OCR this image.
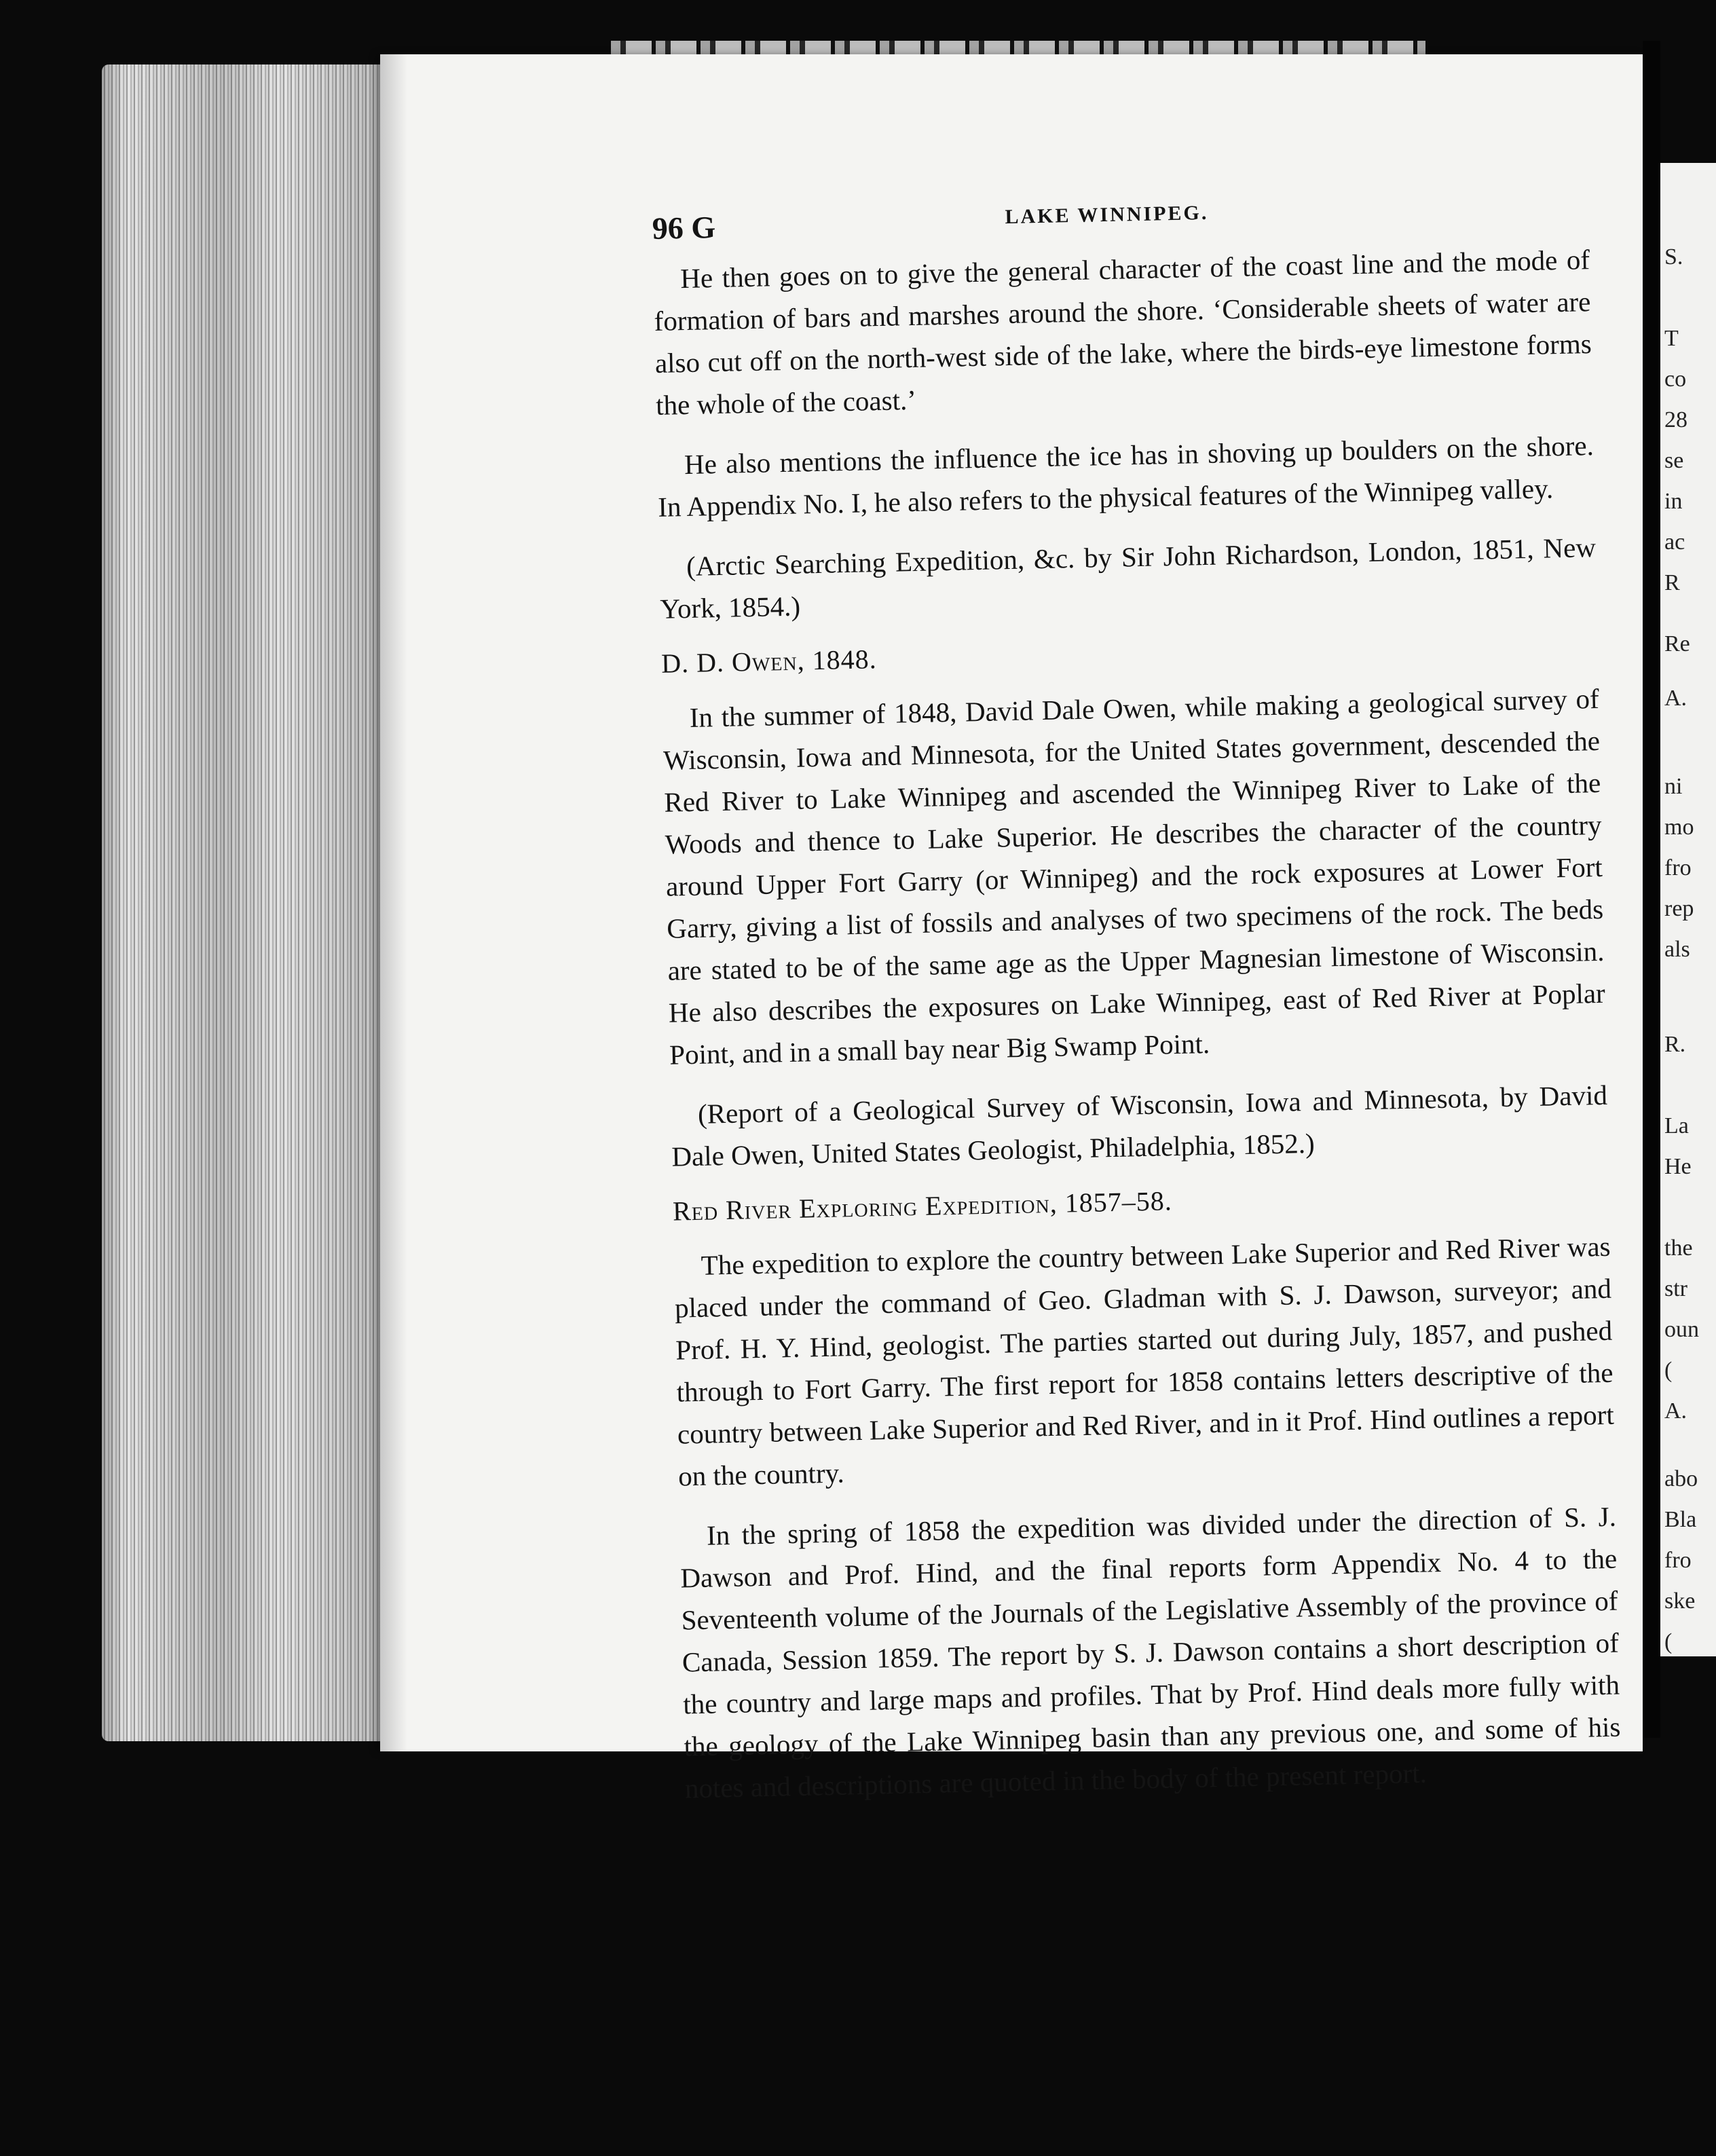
S.
T
co
28
se
in
ac
R
Re
A.
ni
mo
fro
rep
als
R.
La
He
the
str
oun
(
A.
abo
Bla
fro
ske
(
96 G	LAKE WINNIPEG.

He then goes on to give the general character of the coast line and the mode of formation of bars and marshes around the shore. ‘Considerable sheets of water are also cut off on the north-west side of the lake, where the birds-eye limestone forms the whole of the coast.’

He also mentions the influence the ice has in shoving up boulders on the shore. In Appendix No. I, he also refers to the physical features of the Winnipeg valley.

(Arctic Searching Expedition, &c. by Sir John Richardson, London, 1851, New York, 1854.)

D. D. Owen, 1848.

In the summer of 1848, David Dale Owen, while making a geological survey of Wisconsin, Iowa and Minnesota, for the United States government, descended the Red River to Lake Winnipeg and ascended the Winnipeg River to Lake of the Woods and thence to Lake Superior. He describes the character of the country around Upper Fort Garry (or Winnipeg) and the rock exposures at Lower Fort Garry, giving a list of fossils and analyses of two specimens of the rock. The beds are stated to be of the same age as the Upper Magnesian limestone of Wisconsin. He also describes the exposures on Lake Winnipeg, east of Red River at Poplar Point, and in a small bay near Big Swamp Point.

(Report of a Geological Survey of Wisconsin, Iowa and Minnesota, by David Dale Owen, United States Geologist, Philadelphia, 1852.)

Red River Exploring Expedition, 1857–58.

The expedition to explore the country between Lake Superior and Red River was placed under the command of Geo. Gladman with S. J. Dawson, surveyor; and Prof. H. Y. Hind, geologist. The parties started out during July, 1857, and pushed through to Fort Garry. The first report for 1858 contains letters descriptive of the country between Lake Superior and Red River, and in it Prof. Hind outlines a report on the country.

In the spring of 1858 the expedition was divided under the direction of S. J. Dawson and Prof. Hind, and the final reports form Appendix No. 4 to the Seventeenth volume of the Journals of the Legislative Assembly of the province of Canada, Session 1859. The report by S. J. Dawson contains a short description of the country and large maps and profiles. That by Prof. Hind deals more fully with the geology of the Lake Winnipeg basin than any previous one, and some of his notes and descriptions are quoted in the body of the present report.
